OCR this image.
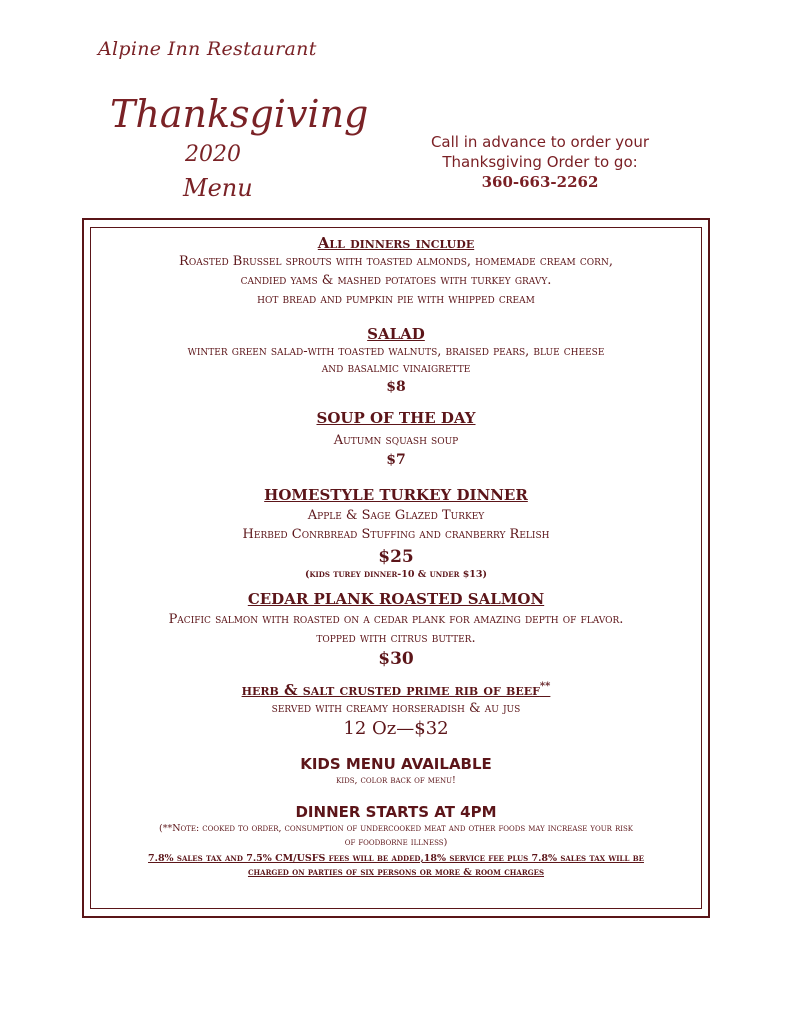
Alpine Inn Restaurant
Thanksgiving
2020
Menu
Call in advance to order your
Thanksgiving Order to go:
360-663-2262
All dinners include
Roasted Brussel sprouts with toasted almonds, homemade cream corn,
candied yams & mashed potatoes with turkey gravy.
hot bread and pumpkin pie with whipped cream
SALAD
winter green salad-with toasted walnuts, braised pears, blue cheese
and basalmic vinaigrette
$8
SOUP OF THE DAY
Autumn squash soup
$7
HOMESTYLE TURKEY DINNER
Apple & Sage Glazed Turkey
Herbed Conrbread Stuffing and cranberry Relish
$25
(kids turey dinner-10 & under $13)
CEDAR PLANK ROASTED SALMON
Pacific salmon with roasted on a cedar plank for amazing depth of flavor.
topped with citrus butter.
$30
herb & salt crusted prime rib of beef**
served with creamy horseradish & au jus
12 Oz—$32
KIDS MENU AVAILABLE
kids, color back of menu!
DINNER STARTS AT 4PM
(**Note: cooked to order, consumption of undercooked meat and other foods may increase your risk
of foodborne illness)
7.8% sales tax and 7.5% CM/USFS fees will be added,18% service fee plus 7.8% sales tax will be
charged on parties of six persons or more & room charges
